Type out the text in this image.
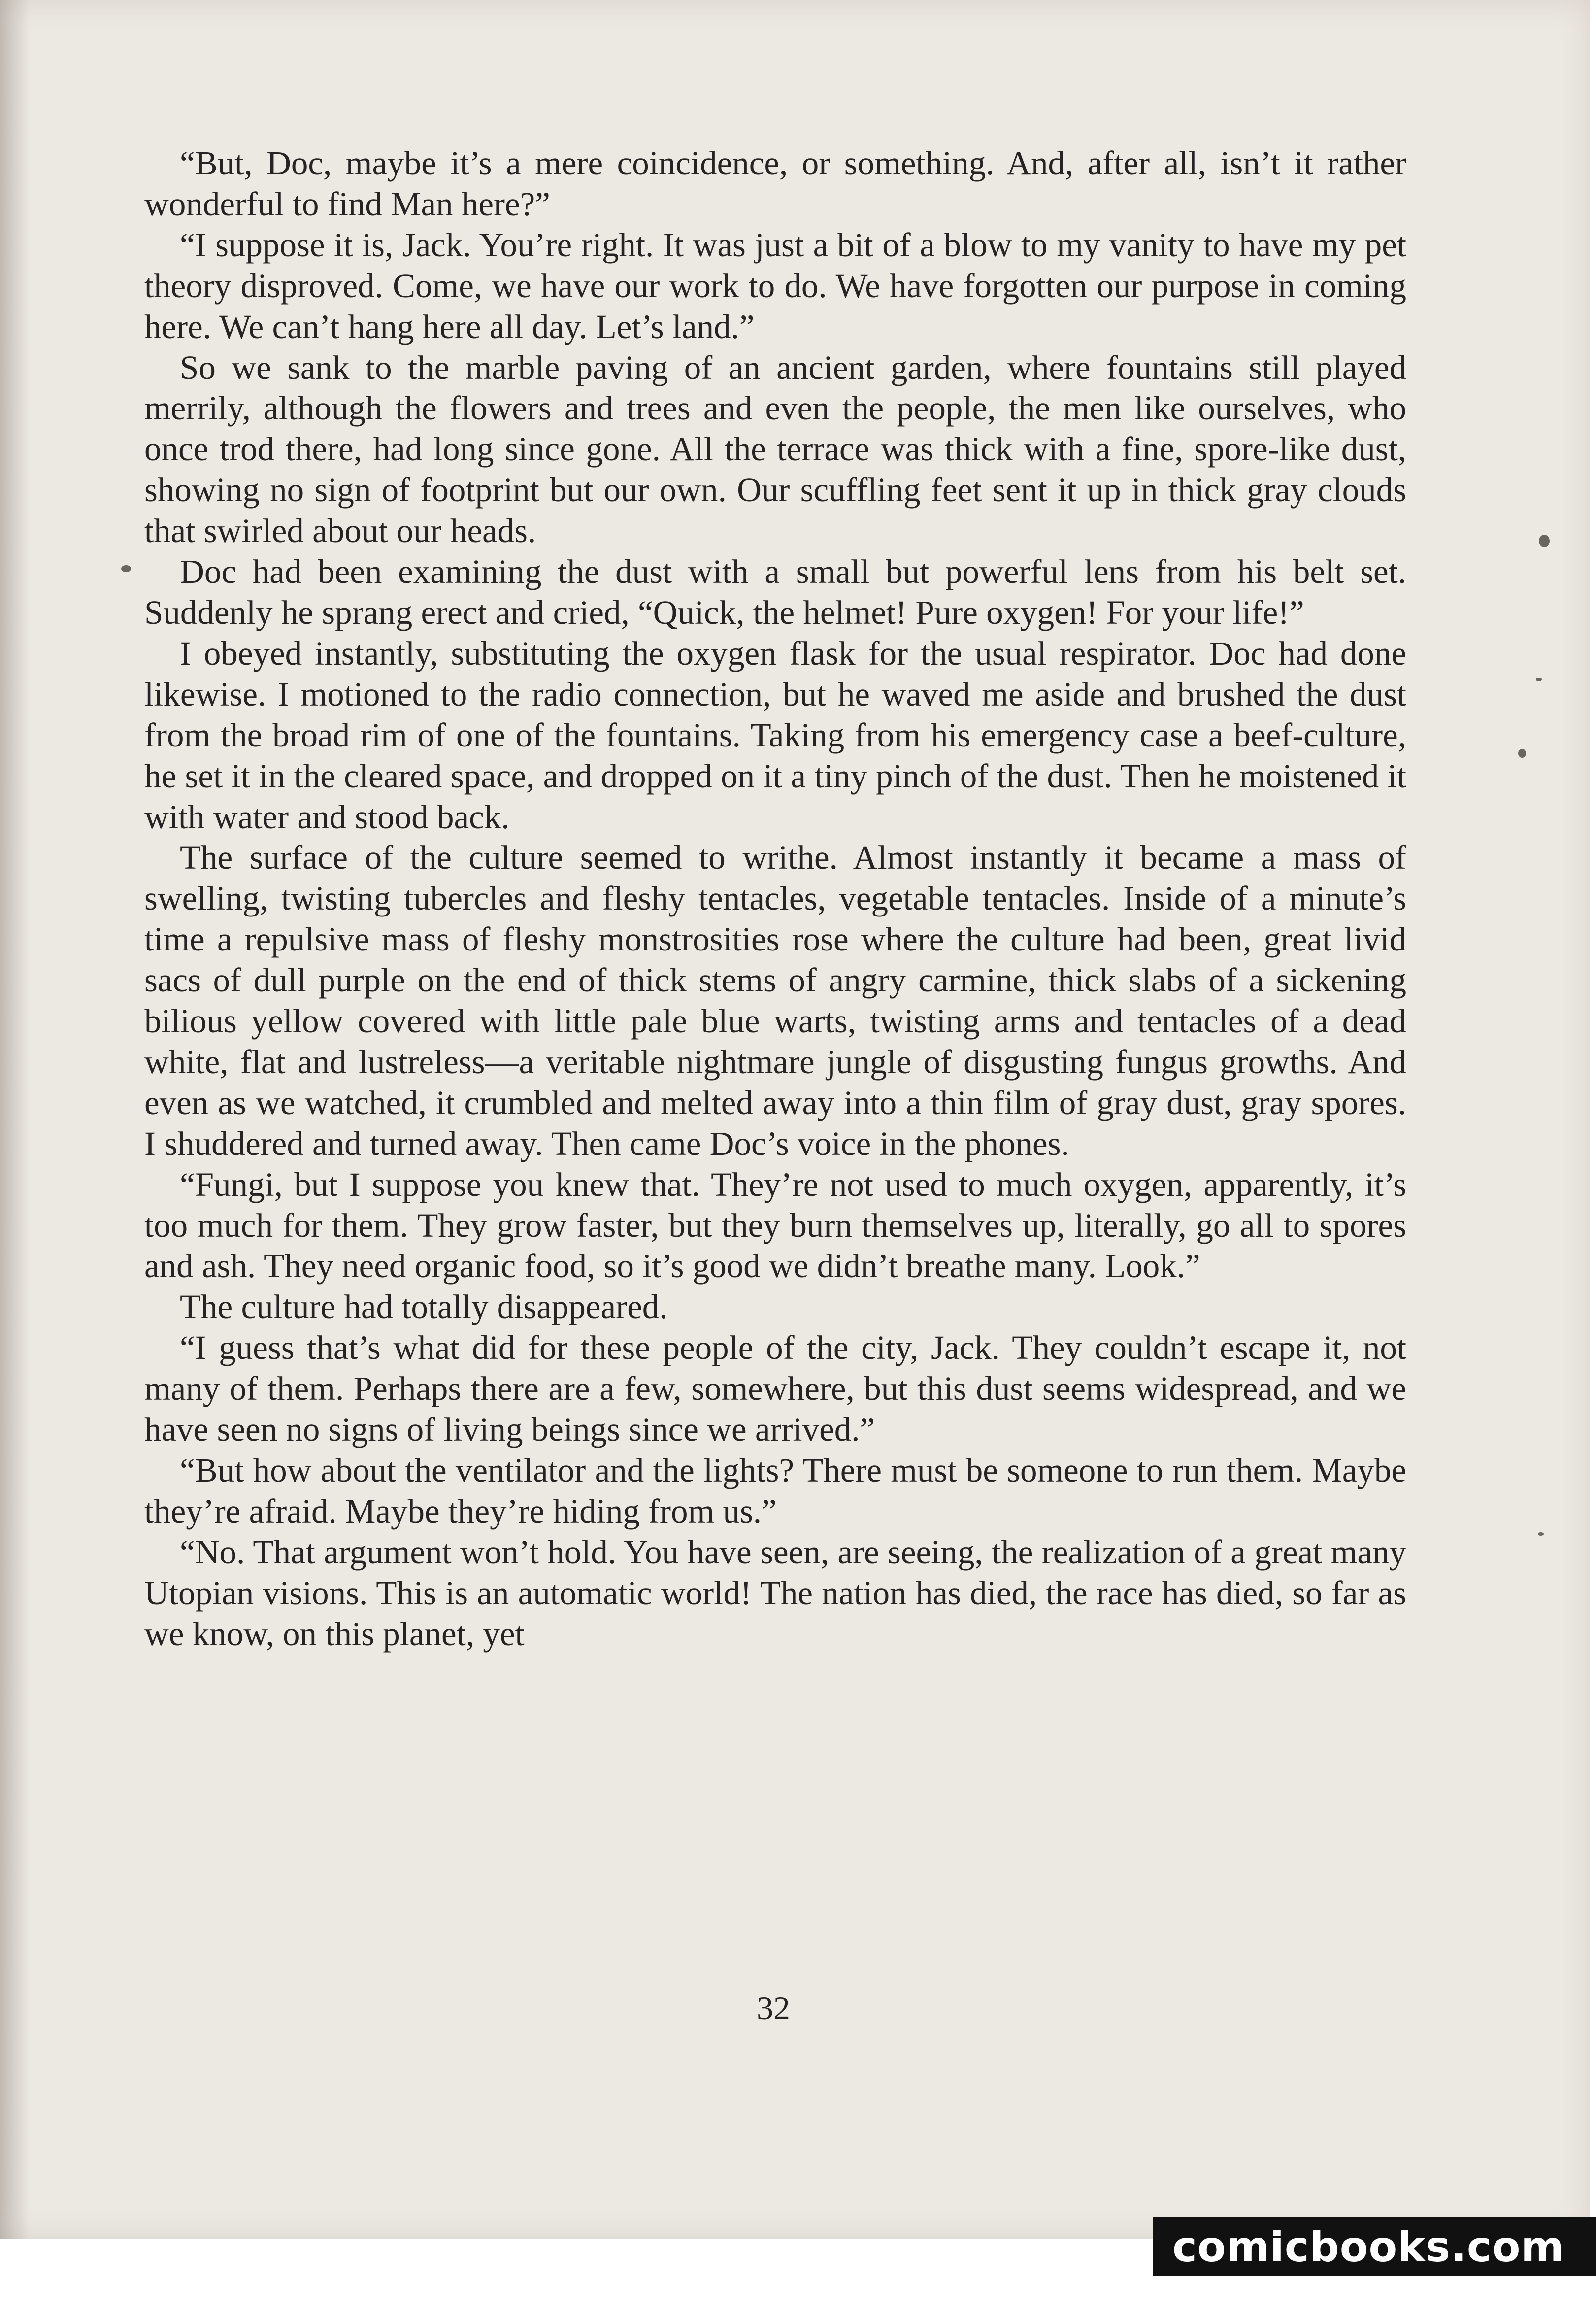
“But, Doc, maybe it’s a mere coincidence, or something. And, after all, isn’t it rather wonderful to find Man here?”

“I suppose it is, Jack. You’re right. It was just a bit of a blow to my vanity to have my pet theory disproved. Come, we have our work to do. We have forgotten our purpose in coming here. We can’t hang here all day. Let’s land.”

So we sank to the marble paving of an ancient garden, where fountains still played merrily, although the flowers and trees and even the people, the men like ourselves, who once trod there, had long since gone. All the terrace was thick with a fine, spore-like dust, showing no sign of footprint but our own. Our scuffling feet sent it up in thick gray clouds that swirled about our heads.

Doc had been examining the dust with a small but powerful lens from his belt set. Suddenly he sprang erect and cried, “Quick, the helmet! Pure oxygen! For your life!”

I obeyed instantly, substituting the oxygen flask for the usual respirator. Doc had done likewise. I motioned to the radio connection, but he waved me aside and brushed the dust from the broad rim of one of the fountains. Taking from his emergency case a beef-culture, he set it in the cleared space, and dropped on it a tiny pinch of the dust. Then he moistened it with water and stood back.

The surface of the culture seemed to writhe. Almost instantly it became a mass of swelling, twisting tubercles and fleshy tentacles, vegetable tentacles. Inside of a minute’s time a repulsive mass of fleshy monstrosities rose where the culture had been, great livid sacs of dull purple on the end of thick stems of angry carmine, thick slabs of a sickening bilious yellow covered with little pale blue warts, twisting arms and tentacles of a dead white, flat and lustreless—a veritable nightmare jungle of disgusting fungus growths. And even as we watched, it crumbled and melted away into a thin film of gray dust, gray spores. I shuddered and turned away. Then came Doc’s voice in the phones.

“Fungi, but I suppose you knew that. They’re not used to much oxygen, apparently, it’s too much for them. They grow faster, but they burn themselves up, literally, go all to spores and ash. They need organic food, so it’s good we didn’t breathe many. Look.”

The culture had totally disappeared.

“I guess that’s what did for these people of the city, Jack. They couldn’t escape it, not many of them. Perhaps there are a few, somewhere, but this dust seems widespread, and we have seen no signs of living beings since we arrived.”

“But how about the ventilator and the lights? There must be someone to run them. Maybe they’re afraid. Maybe they’re hiding from us.”

“No. That argument won’t hold. You have seen, are seeing, the realization of a great many Utopian visions. This is an automatic world! The nation has died, the race has died, so far as we know, on this planet, yet

32
comicbooks.com
